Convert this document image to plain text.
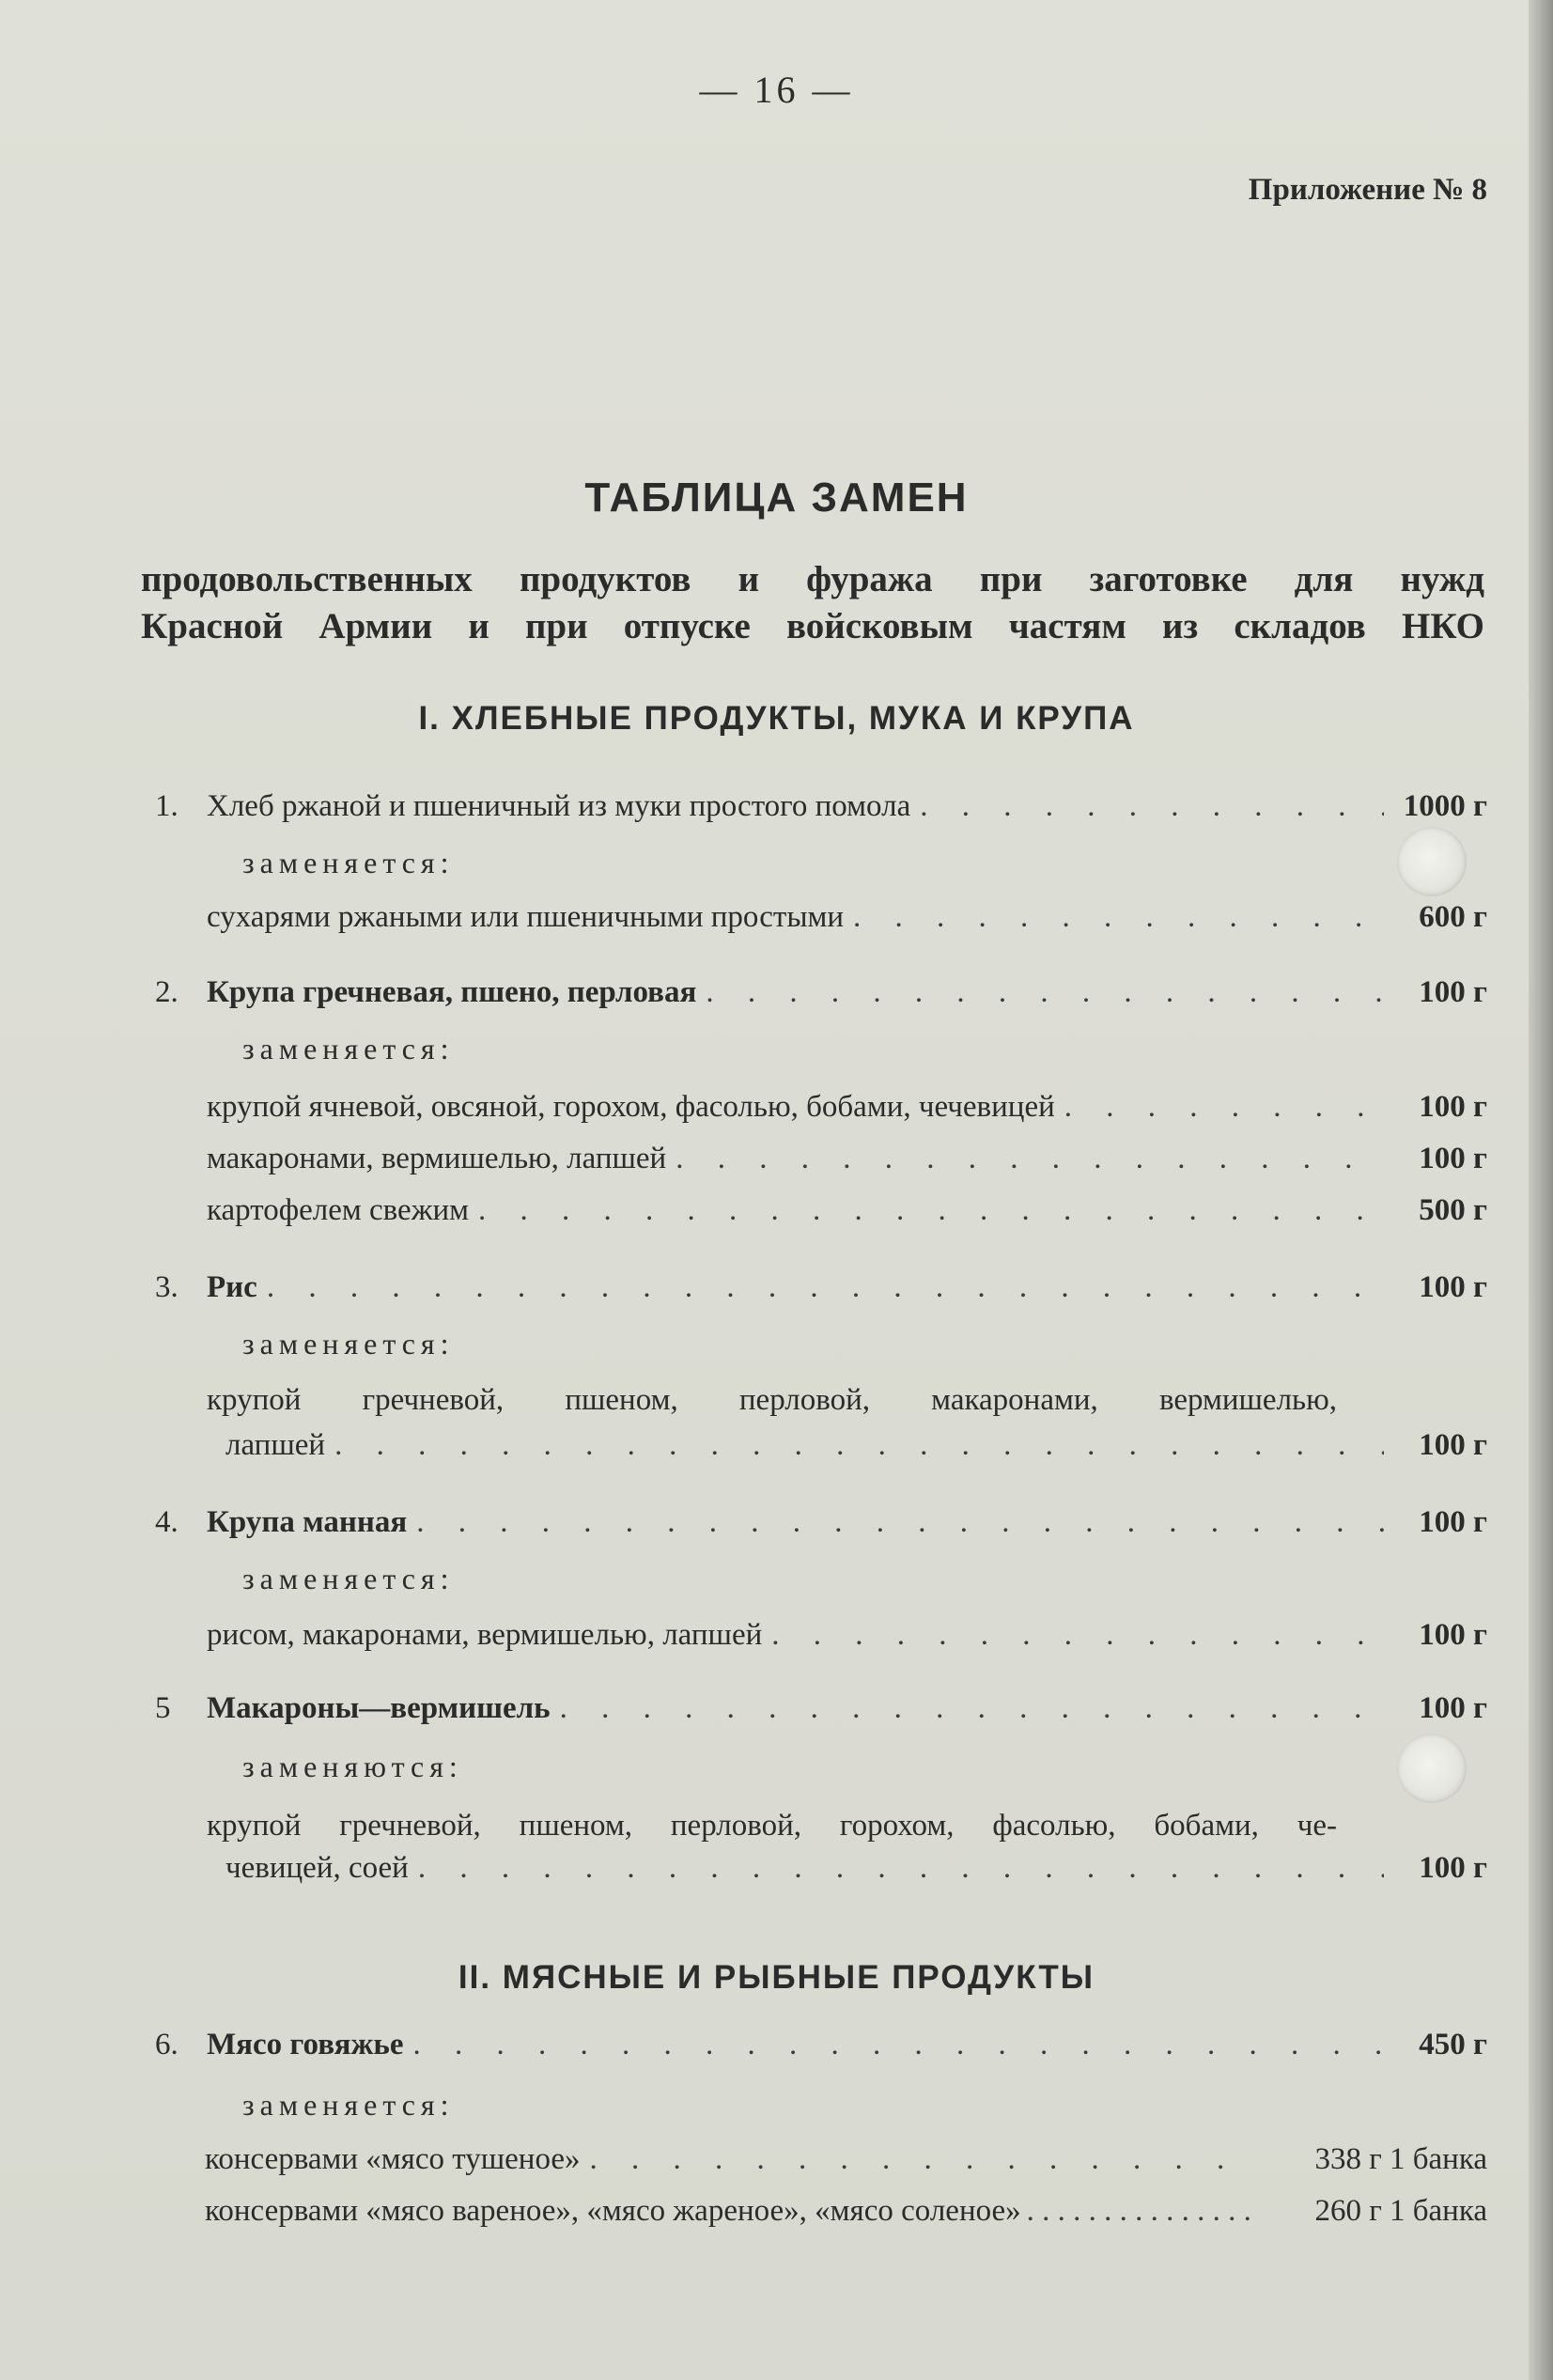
— 16 —
Приложение № 8
ТАБЛИЦА ЗАМЕН
продовольственных продуктов и фуража при заготовке для нужд
Красной Армии и при отпуске войсковым частям из складов НКО
I. ХЛЕБНЫЕ ПРОДУКТЫ, МУКА И КРУПА
1. Хлеб ржаной и пшеничный из муки простого помола . . .	1000 г
заменяется:
сухарями ржаными или пшеничными простыми . . .	600 г
2. Крупа гречневая, пшено, перловая . . .	100 г
заменяется:
крупой ячневой, овсяной, горохом, фасолью, бобами, чечевицей . . .	100 г
макаронами, вермишелью, лапшей . . .	100 г
картофелем свежим . . .	500 г
3. Рис . . .	100 г
заменяется:
крупой гречневой, пшеном, перловой, макаронами, вермишелью,
лапшей . . .	100 г
4. Крупа манная . . .	100 г
заменяется:
рисом, макаронами, вермишелью, лапшей . . .	100 г
5	Макароны—вермишель . . .	100 г
заменяются:
крупой гречневой, пшеном, перловой, горохом, фасолью, бобами, че-
чевицей, соей . . .	100 г
II. МЯСНЫЕ И РЫБНЫЕ ПРОДУКТЫ
6. Мясо говяжье . . .	450 г
заменяется:
консервами «мясо тушеное» . . .	338 г 1 банка
консервами «мясо вареное», «мясо жареное», «мясо соленое» . . .	260 г 1 банка
